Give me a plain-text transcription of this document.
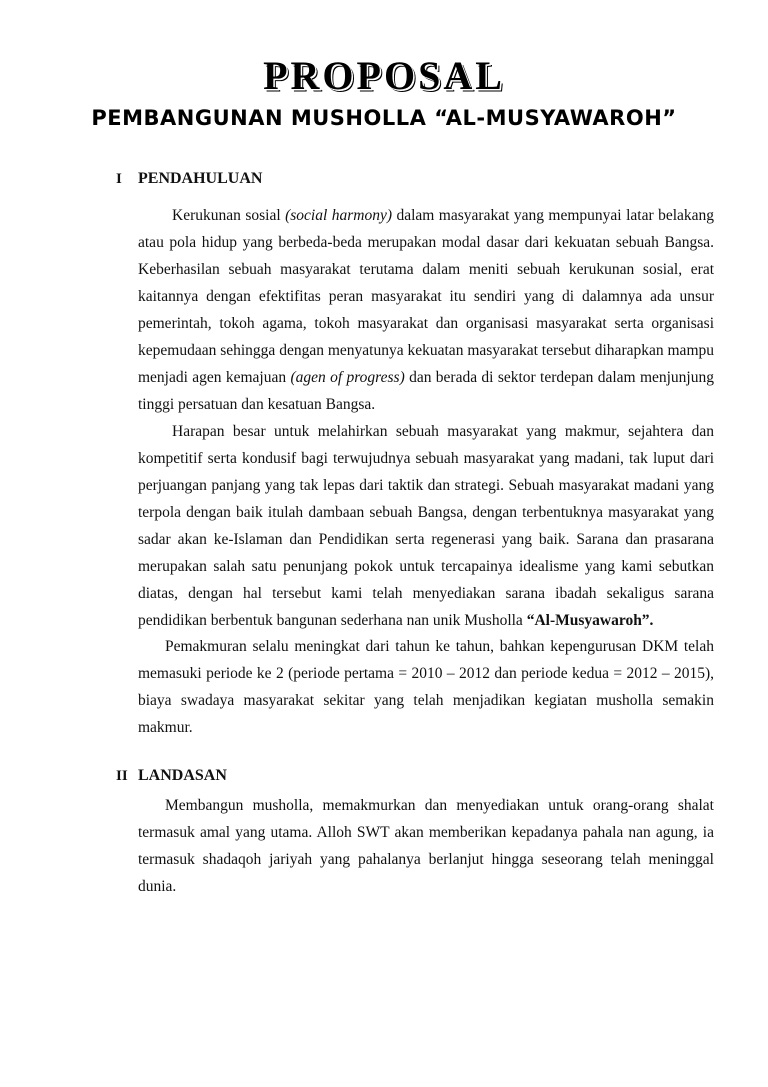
PROPOSAL
PEMBANGUNAN MUSHOLLA “AL-MUSYAWAROH”
I PENDAHULUAN
Kerukunan sosial (social harmony) dalam masyarakat yang mempunyai latar belakang
atau pola hidup yang berbeda-beda merupakan modal dasar dari kekuatan sebuah Bangsa.
Keberhasilan sebuah masyarakat terutama dalam meniti sebuah kerukunan sosial, erat
kaitannya dengan efektifitas peran masyarakat itu sendiri yang di dalamnya ada unsur
pemerintah, tokoh agama, tokoh masyarakat dan organisasi masyarakat serta organisasi
kepemudaan sehingga dengan menyatunya kekuatan masyarakat tersebut diharapkan mampu
menjadi agen kemajuan (agen of progress) dan berada di sektor terdepan dalam menjunjung
tinggi persatuan dan kesatuan Bangsa.
Harapan besar untuk melahirkan sebuah masyarakat yang makmur, sejahtera dan
kompetitif serta kondusif bagi terwujudnya sebuah masyarakat yang madani, tak luput dari
perjuangan panjang yang tak lepas dari taktik dan strategi. Sebuah masyarakat madani yang
terpola dengan baik itulah dambaan sebuah Bangsa, dengan terbentuknya masyarakat yang
sadar akan ke-Islaman dan Pendidikan serta regenerasi yang baik. Sarana dan prasarana
merupakan salah satu penunjang pokok untuk tercapainya idealisme yang kami sebutkan
diatas, dengan hal tersebut kami telah menyediakan sarana ibadah sekaligus sarana
pendidikan berbentuk bangunan sederhana nan unik Musholla “Al-Musyawaroh”.
Pemakmuran selalu meningkat dari tahun ke tahun, bahkan kepengurusan DKM telah
memasuki periode ke 2 (periode pertama = 2010 – 2012 dan periode kedua = 2012 – 2015),
biaya swadaya masyarakat sekitar yang telah menjadikan kegiatan musholla semakin
makmur.
II LANDASAN
Membangun musholla, memakmurkan dan menyediakan untuk orang-orang shalat
termasuk amal yang utama. Alloh SWT akan memberikan kepadanya pahala nan agung, ia
termasuk shadaqoh jariyah yang pahalanya berlanjut hingga seseorang telah meninggal
dunia.
